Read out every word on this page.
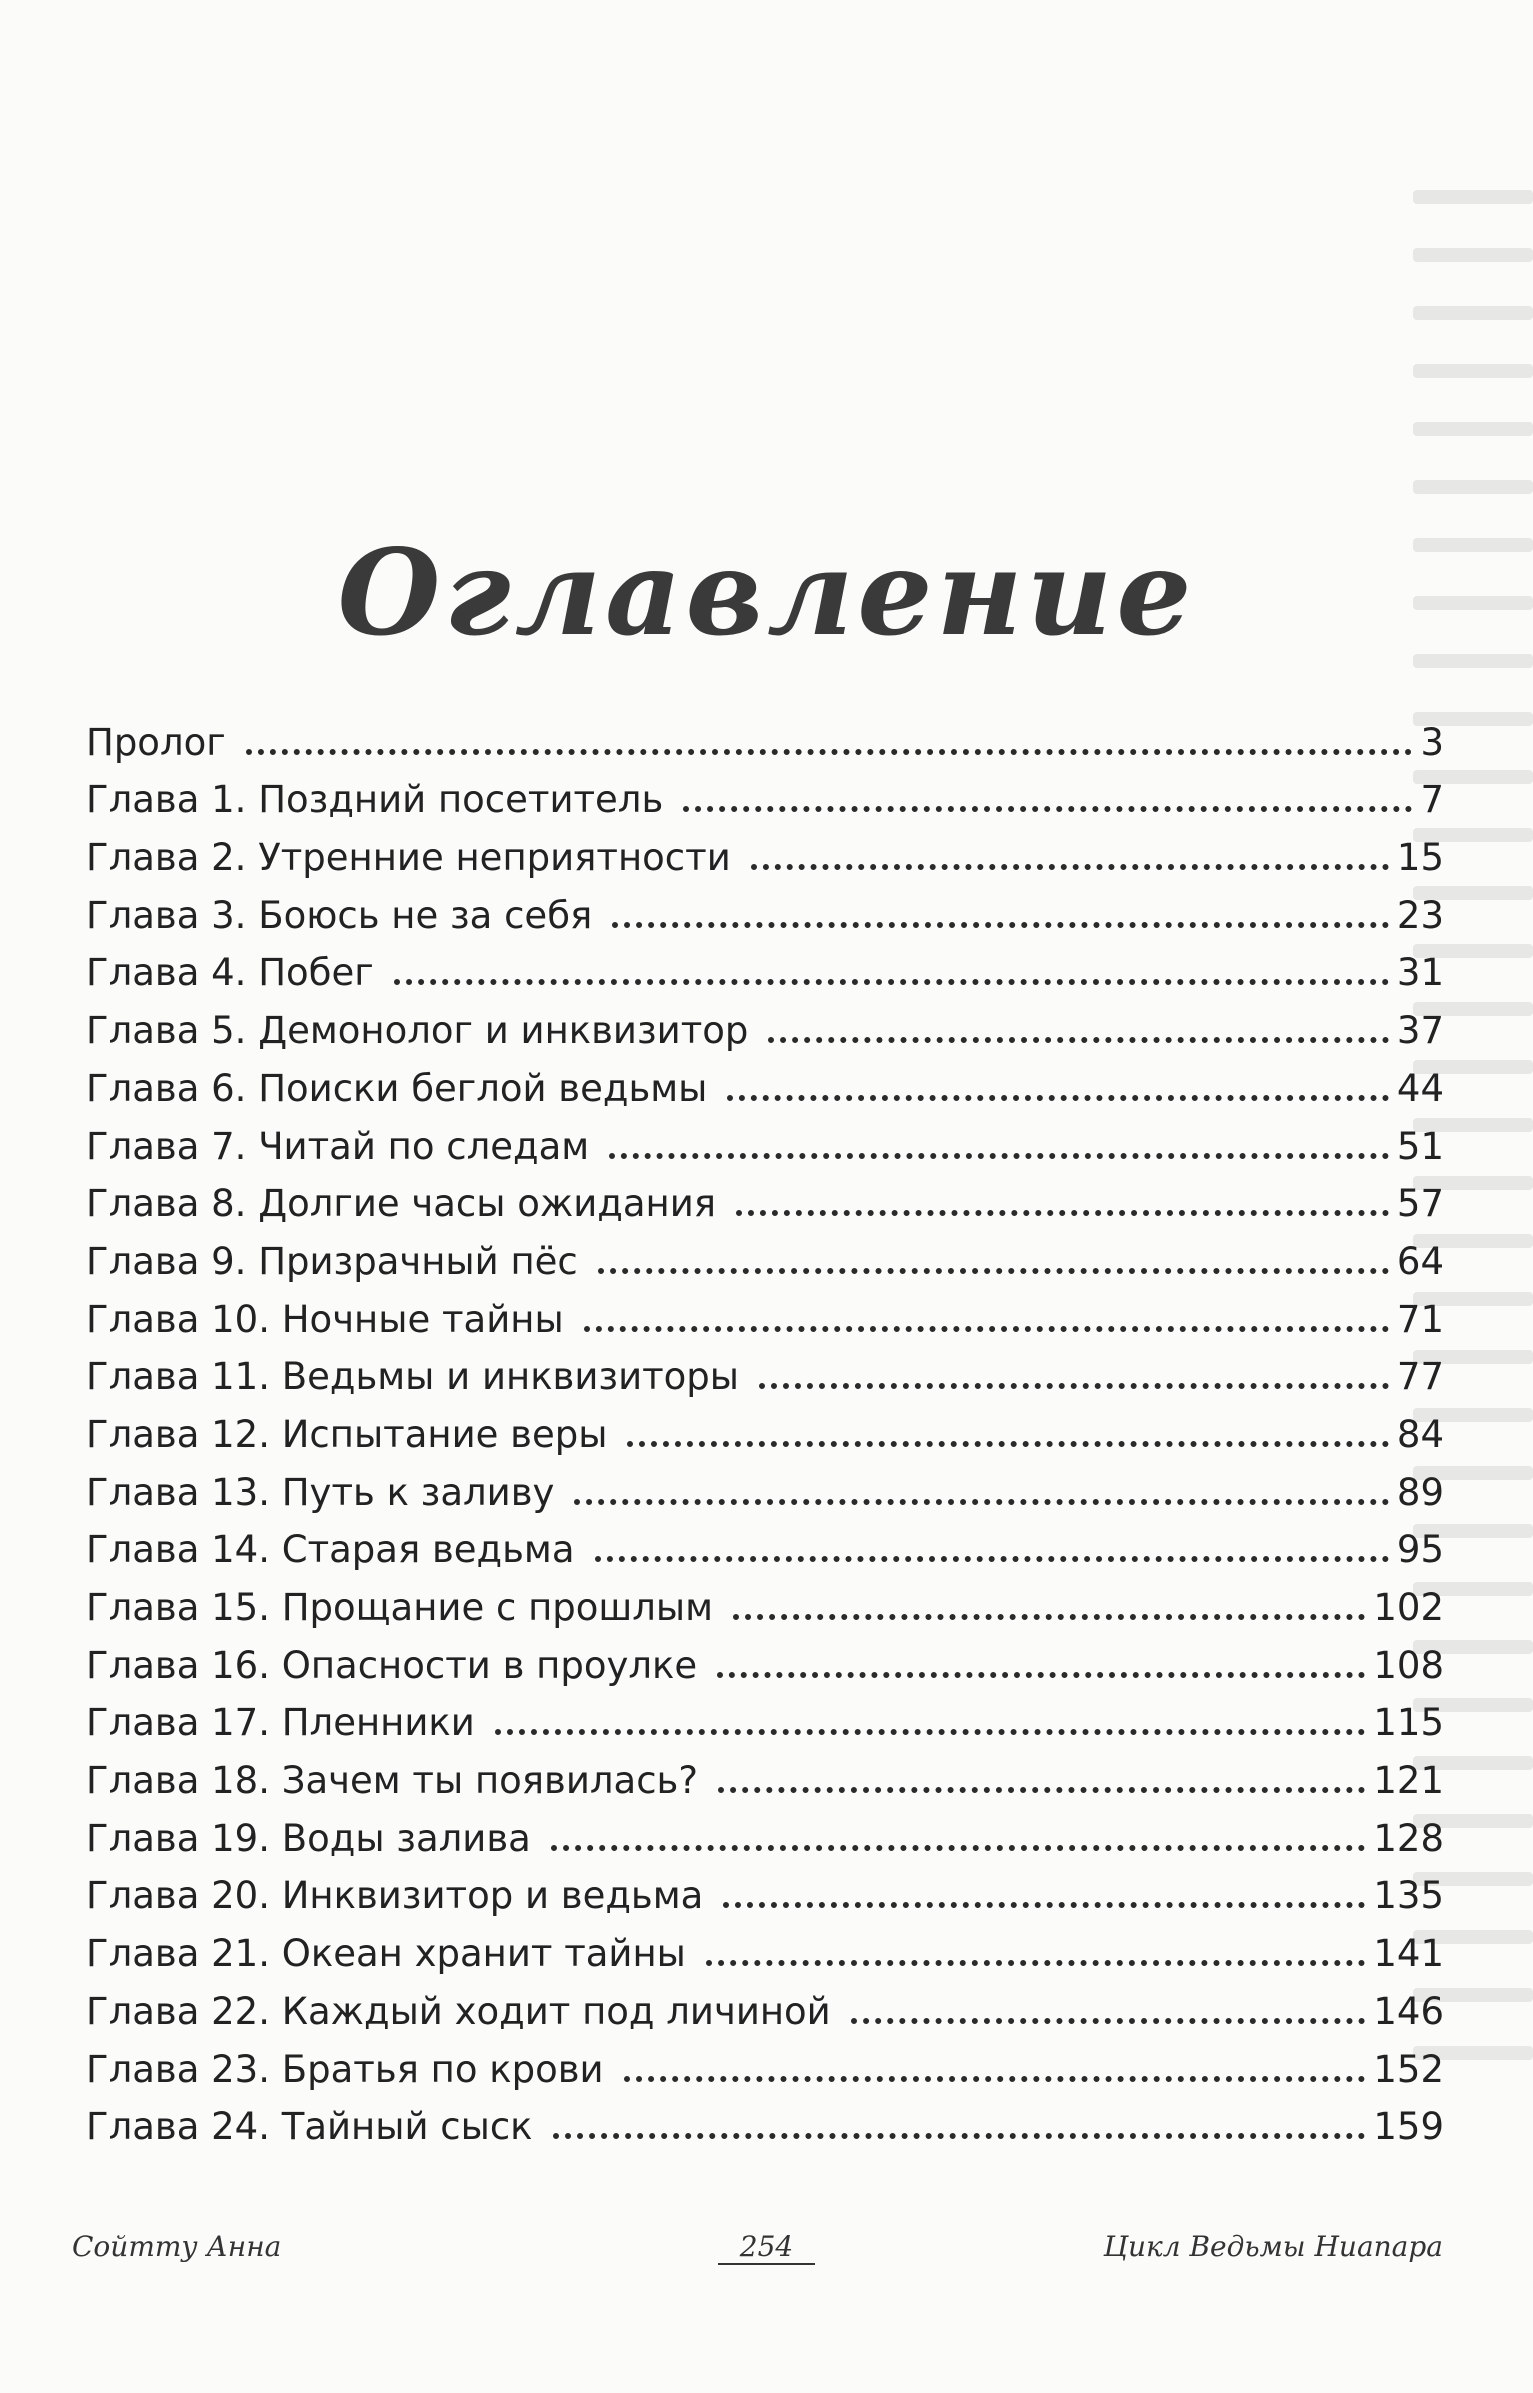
Оглавление
Пролог	3
Глава 1. Поздний посетитель	7
Глава 2. Утренние неприятности	15
Глава 3. Боюсь не за себя	23
Глава 4. Побег	31
Глава 5. Демонолог и инквизитор	37
Глава 6. Поиски беглой ведьмы	44
Глава 7. Читай по следам	51
Глава 8. Долгие часы ожидания	57
Глава 9. Призрачный пёс	64
Глава 10. Ночные тайны	71
Глава 11. Ведьмы и инквизиторы	77
Глава 12. Испытание веры	84
Глава 13. Путь к заливу	89
Глава 14. Старая ведьма	95
Глава 15. Прощание с прошлым	102
Глава 16. Опасности в проулке	108
Глава 17. Пленники	115
Глава 18. Зачем ты появилась?	121
Глава 19. Воды залива	128
Глава 20. Инквизитор и ведьма	135
Глава 21. Океан хранит тайны	141
Глава 22. Каждый ходит под личиной	146
Глава 23. Братья по крови	152
Глава 24. Тайный сыск	159
Сойтту Анна	254	Цикл Ведьмы Ниапара
